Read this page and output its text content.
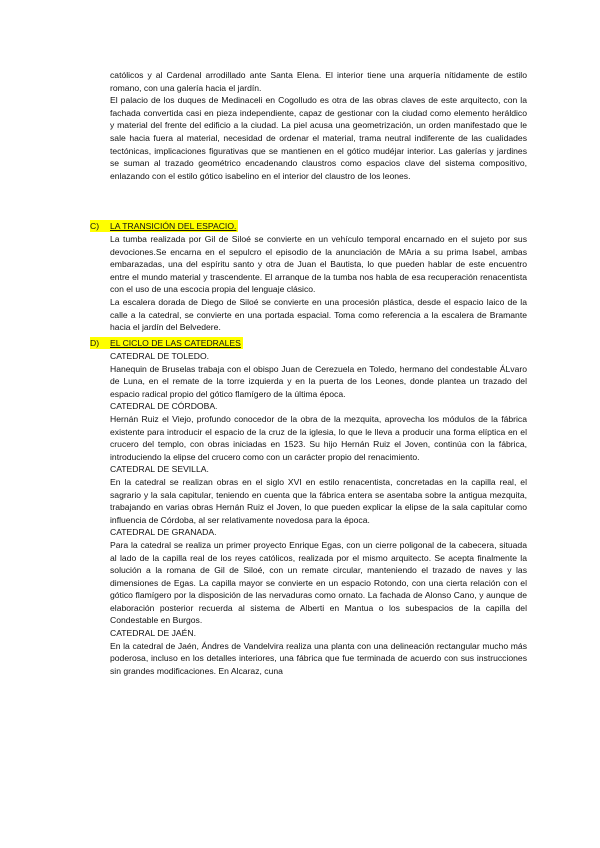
católicos y al Cardenal arrodillado ante Santa Elena. El interior tiene una arquería nítidamente de estilo romano, con una galería hacia el jardín.

El palacio de los duques de Medinaceli en Cogolludo es otra de las obras claves de este arquitecto, con la fachada convertida casi en pieza independiente, capaz de gestionar con la ciudad como elemento heráldico y material del frente del edificio a la ciudad. La piel acusa una geometrización, un orden manifestado que le sale hacia fuera al material, necesidad de ordenar el material, trama neutral indiferente de las cualidades tectónicas, implicaciones figurativas que se mantienen en el gótico mudéjar interior. Las galerías y jardines se suman al trazado geométrico encadenando claustros como espacios clave del sistema compositivo, enlazando con el estilo gótico isabelino en el interior del claustro de los leones.

C)	LA TRANSICIÓN DEL ESPACIO.

La tumba realizada por Gil de Siloé se convierte en un vehículo temporal encarnado en el sujeto por sus devociones.Se encarna en el sepulcro el episodio de la anunciación de MAria a su prima Isabel, ambas embarazadas, una del espíritu santo y otra de Juan el Bautista, lo que pueden hablar de este encuentro entre el mundo material y trascendente. El arranque de la tumba nos habla de esa recuperación renacentista con el uso de una escocia propia del lenguaje clásico.

La escalera dorada de Diego de Siloé se convierte en una procesión plástica, desde el espacio laico de la calle a la catedral, se convierte en una portada espacial. Toma como referencia a la escalera de Bramante hacia el jardín del Belvedere.

D)	EL CICLO DE LAS CATEDRALES

CATEDRAL DE TOLEDO.

Hanequin de Bruselas trabaja con el obispo Juan de Cerezuela en Toledo, hermano del condestable ÁLvaro de Luna, en el remate de la torre izquierda y en la puerta de los Leones, donde plantea un trazado del espacio radical propio del gótico flamígero de la última época.

CATEDRAL DE CÓRDOBA.

Hernán Ruiz el Viejo, profundo conocedor de la obra de la mezquita, aprovecha los módulos de la fábrica existente para introducir el espacio de la cruz de la iglesia, lo que le lleva a producir una forma elíptica en el crucero del templo, con obras iniciadas en 1523. Su hijo Hernán Ruiz el Joven, continúa con la fábrica, introduciendo la elipse del crucero como con un carácter propio del renacimiento.

CATEDRAL DE SEVILLA.

En la catedral se realizan obras en el siglo XVI en estilo renacentista, concretadas en la capilla real, el sagrario y la sala capitular, teniendo en cuenta que la fábrica entera se asentaba sobre la antigua mezquita, trabajando en varias obras Hernán Ruiz el Joven, lo que pueden explicar la elipse de la sala capitular como influencia de Córdoba, al ser relativamente novedosa para la época.

CATEDRAL DE GRANADA.

Para la catedral se realiza un primer proyecto Enrique Egas, con un cierre poligonal de la cabecera, situada al lado de la capilla real de los reyes católicos, realizada por el mismo arquitecto. Se acepta finalmente la solución a la romana de Gil de Siloé, con un remate circular, manteniendo el trazado de naves y las dimensiones de Egas. La capilla mayor se convierte en un espacio Rotondo, con una cierta relación con el gótico flamígero por la disposición de las nervaduras como ornato. La fachada de Alonso Cano, y aunque de elaboración posterior recuerda al sistema de Alberti en Mantua o los subespacios de la capilla del Condestable en Burgos.

CATEDRAL DE JAÉN.

En la catedral de Jaén, Ándres de Vandelvira realiza una planta con una delineación rectangular mucho más poderosa, incluso en los detalles interiores, una fábrica que fue terminada de acuerdo con sus instrucciones sin grandes modificaciones. En Alcaraz, cuna
